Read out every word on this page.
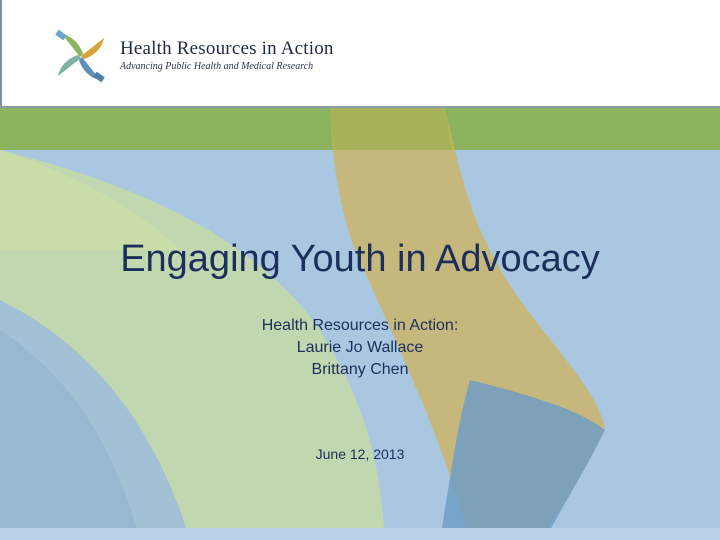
Health Resources in Action
Advancing Public Health and Medical Research
Engaging Youth in Advocacy
Health Resources in Action:
Laurie Jo Wallace
Brittany Chen
June 12, 2013
